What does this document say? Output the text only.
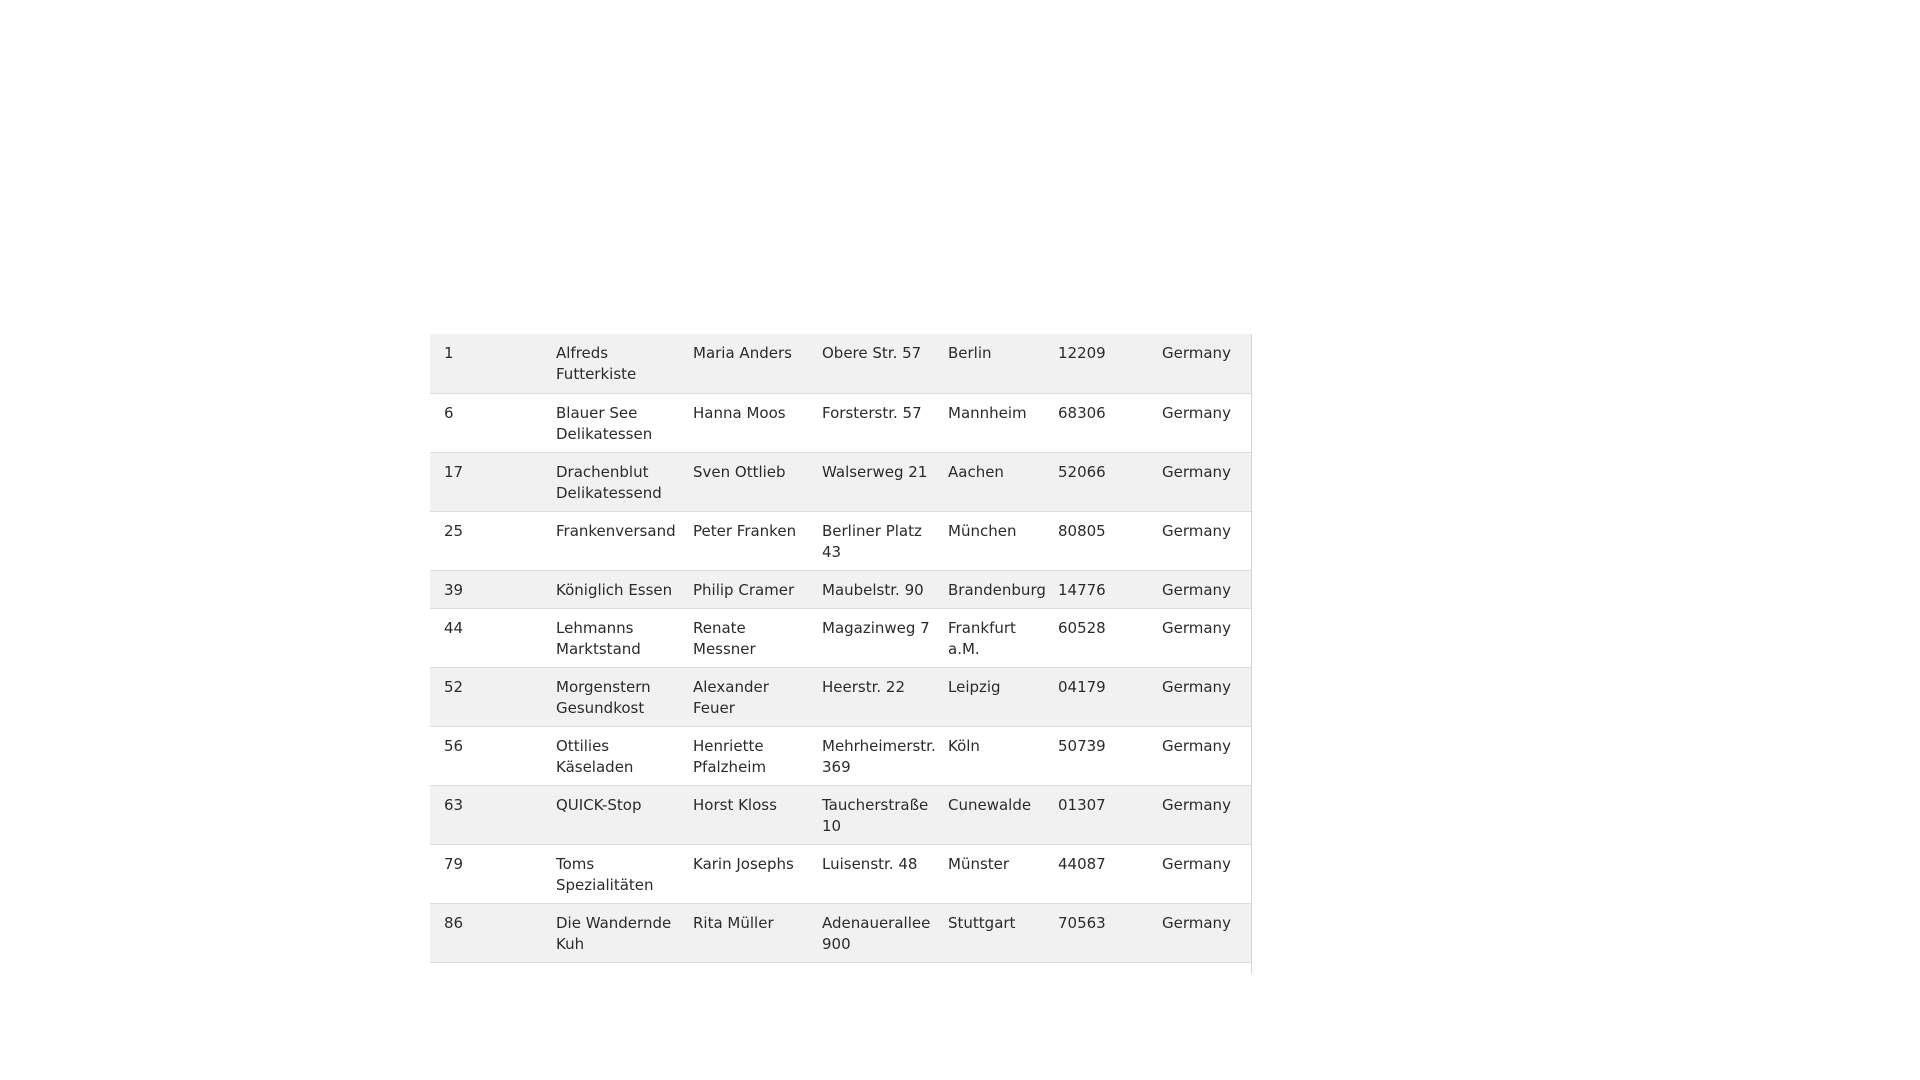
1	Alfreds Futterkiste	Maria Anders	Obere Str. 57	Berlin	12209	Germany
6	Blauer See Delikatessen	Hanna Moos	Forsterstr. 57	Mannheim	68306	Germany
17	Drachenblut Delikatessend	Sven Ottlieb	Walserweg 21	Aachen	52066	Germany
25	Frankenversand	Peter Franken	Berliner Platz 43	München	80805	Germany
39	Königlich Essen	Philip Cramer	Maubelstr. 90	Brandenburg	14776	Germany
44	Lehmanns Marktstand	Renate Messner	Magazinweg 7	Frankfurt a.M.	60528	Germany
52	Morgenstern Gesundkost	Alexander Feuer	Heerstr. 22	Leipzig	04179	Germany
56	Ottilies Käseladen	Henriette Pfalzheim	Mehrheimerstr. 369	Köln	50739	Germany
63	QUICK-Stop	Horst Kloss	Taucherstraße 10	Cunewalde	01307	Germany
79	Toms Spezialitäten	Karin Josephs	Luisenstr. 48	Münster	44087	Germany
86	Die Wandernde Kuh	Rita Müller	Adenauerallee 900	Stuttgart	70563	Germany
